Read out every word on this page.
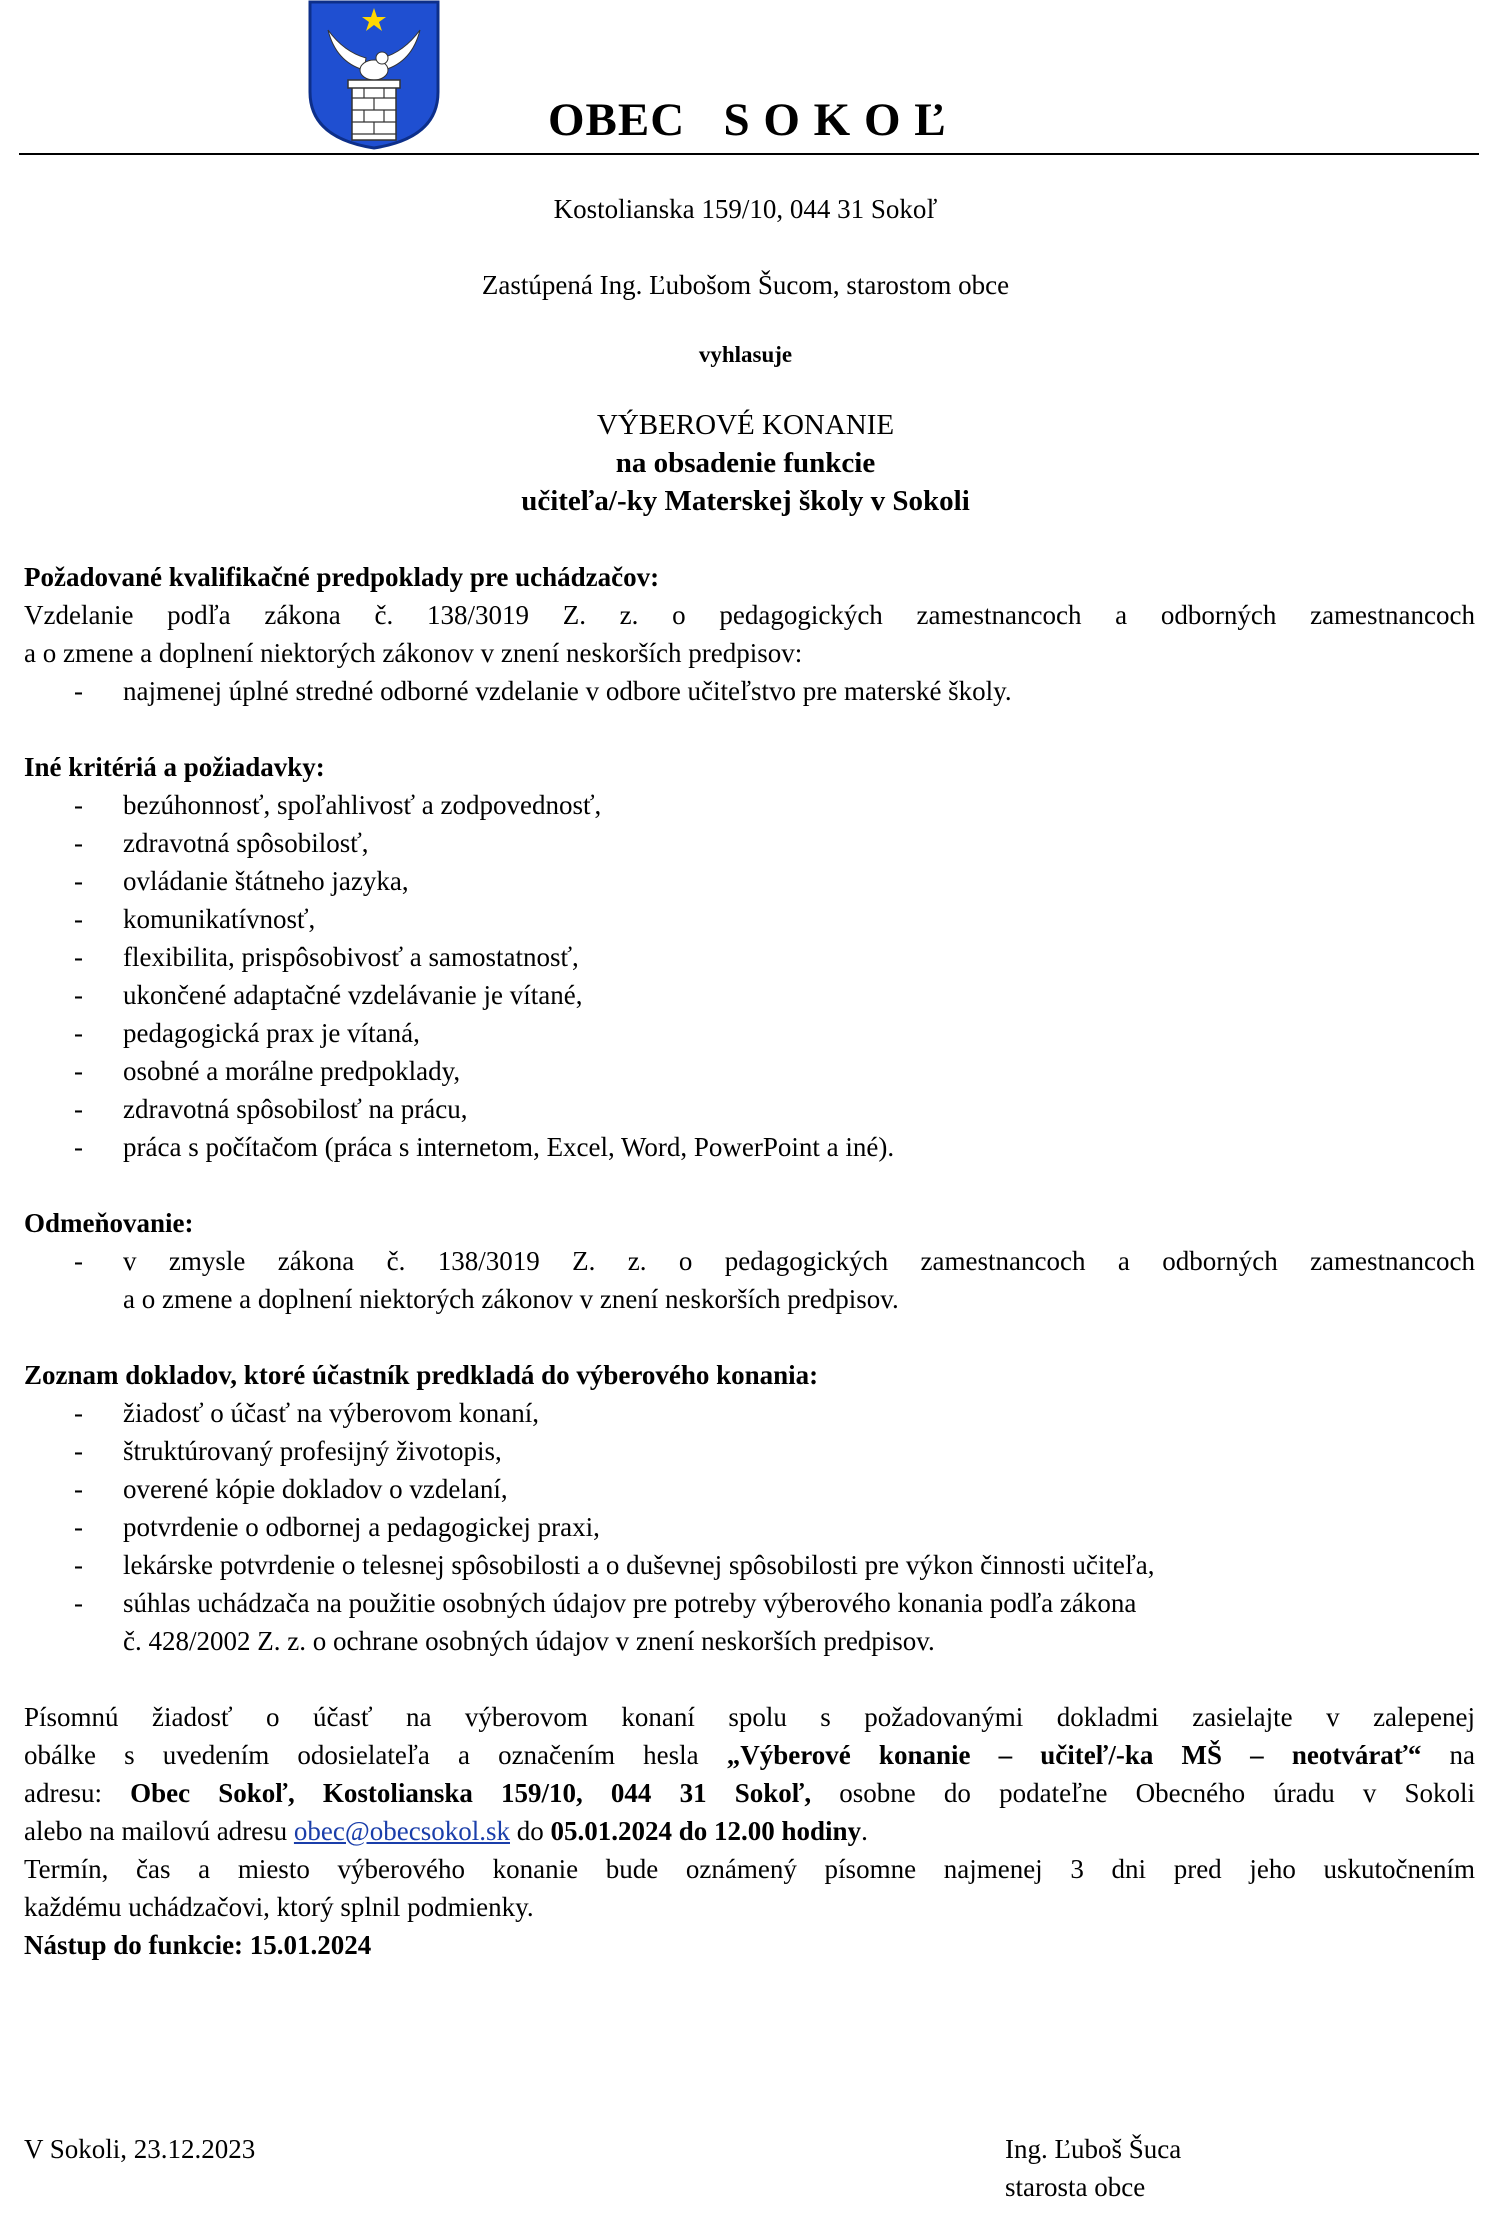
OBEC   S O K O Ľ
Kostolianska 159/10, 044 31 Sokoľ
Zastúpená Ing. Ľubošom Šucom, starostom obce
vyhlasuje
VÝBEROVÉ KONANIE
na obsadenie funkcie
učiteľa/-ky Materskej školy v Sokoli
Požadované kvalifikačné predpoklady pre uchádzačov:
Vzdelanie podľa zákona č. 138/3019 Z. z. o pedagogických zamestnancoch a odborných zamestnancoch
a o zmene a doplnení niektorých zákonov v znení neskorších predpisov:
- najmenej úplné stredné odborné vzdelanie v odbore učiteľstvo pre materské školy.
Iné kritériá a požiadavky:
- bezúhonnosť, spoľahlivosť a zodpovednosť,
- zdravotná spôsobilosť,
- ovládanie štátneho jazyka,
- komunikatívnosť,
- flexibilita, prispôsobivosť a samostatnosť,
- ukončené adaptačné vzdelávanie je vítané,
- pedagogická prax je vítaná,
- osobné a morálne predpoklady,
- zdravotná spôsobilosť na prácu,
- práca s počítačom (práca s internetom, Excel, Word, PowerPoint a iné).
Odmeňovanie:
- v zmysle zákona č. 138/3019 Z. z. o pedagogických zamestnancoch a odborných zamestnancoch
a o zmene a doplnení niektorých zákonov v znení neskorších predpisov.
Zoznam dokladov, ktoré účastník predkladá do výberového konania:
- žiadosť o účasť na výberovom konaní,
- štruktúrovaný profesijný životopis,
- overené kópie dokladov o vzdelaní,
- potvrdenie o odbornej a pedagogickej praxi,
- lekárske potvrdenie o telesnej spôsobilosti a o duševnej spôsobilosti pre výkon činnosti učiteľa,
- súhlas uchádzača na použitie osobných údajov pre potreby výberového konania podľa zákona
č. 428/2002 Z. z. o ochrane osobných údajov v znení neskorších predpisov.
Písomnú žiadosť o účasť na výberovom konaní spolu s požadovanými dokladmi zasielajte v zalepenej
obálke s uvedením odosielateľa a označením hesla „Výberové konanie – učiteľ/-ka MŠ – neotvárať“ na
adresu: Obec Sokoľ, Kostolianska 159/10, 044 31 Sokoľ, osobne do podateľne Obecného úradu v Sokoli
alebo na mailovú adresu obec@obecsokol.sk do 05.01.2024 do 12.00 hodiny.
Termín, čas a miesto výberového konanie bude oznámený písomne najmenej 3 dni pred jeho uskutočnením
každému uchádzačovi, ktorý splnil podmienky.
Nástup do funkcie: 15.01.2024
V Sokoli, 23.12.2023	Ing. Ľuboš Šuca
starosta obce
